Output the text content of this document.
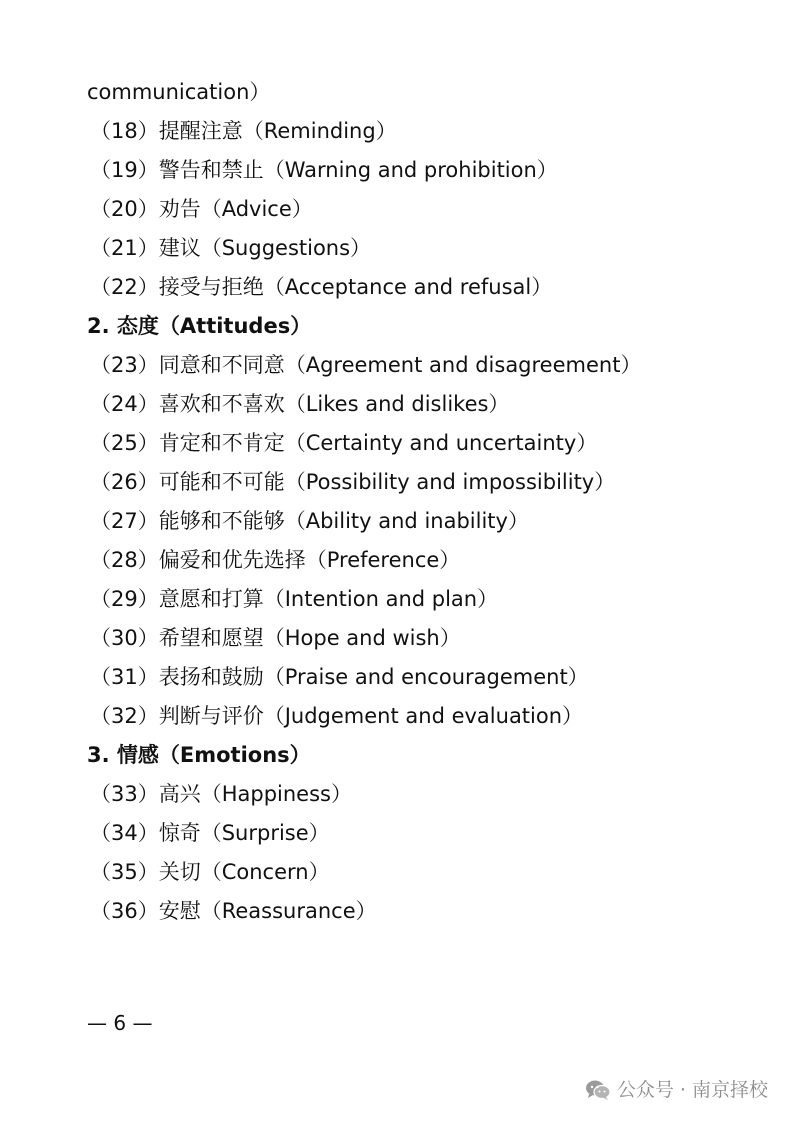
communication）
（18）提醒注意（Reminding）
（19）警告和禁止（Warning and prohibition）
（20）劝告（Advice）
（21）建议（Suggestions）
（22）接受与拒绝（Acceptance and refusal）
2. 态度（Attitudes）
（23）同意和不同意（Agreement and disagreement）
（24）喜欢和不喜欢（Likes and dislikes）
（25）肯定和不肯定（Certainty and uncertainty）
（26）可能和不可能（Possibility and impossibility）
（27）能够和不能够（Ability and inability）
（28）偏爱和优先选择（Preference）
（29）意愿和打算（Intention and plan）
（30）希望和愿望（Hope and wish）
（31）表扬和鼓励（Praise and encouragement）
（32）判断与评价（Judgement and evaluation）
3. 情感（Emotions）
（33）高兴（Happiness）
（34）惊奇（Surprise）
（35）关切（Concern）
（36）安慰（Reassurance）
— 6 —
公众号 · 南京择校
